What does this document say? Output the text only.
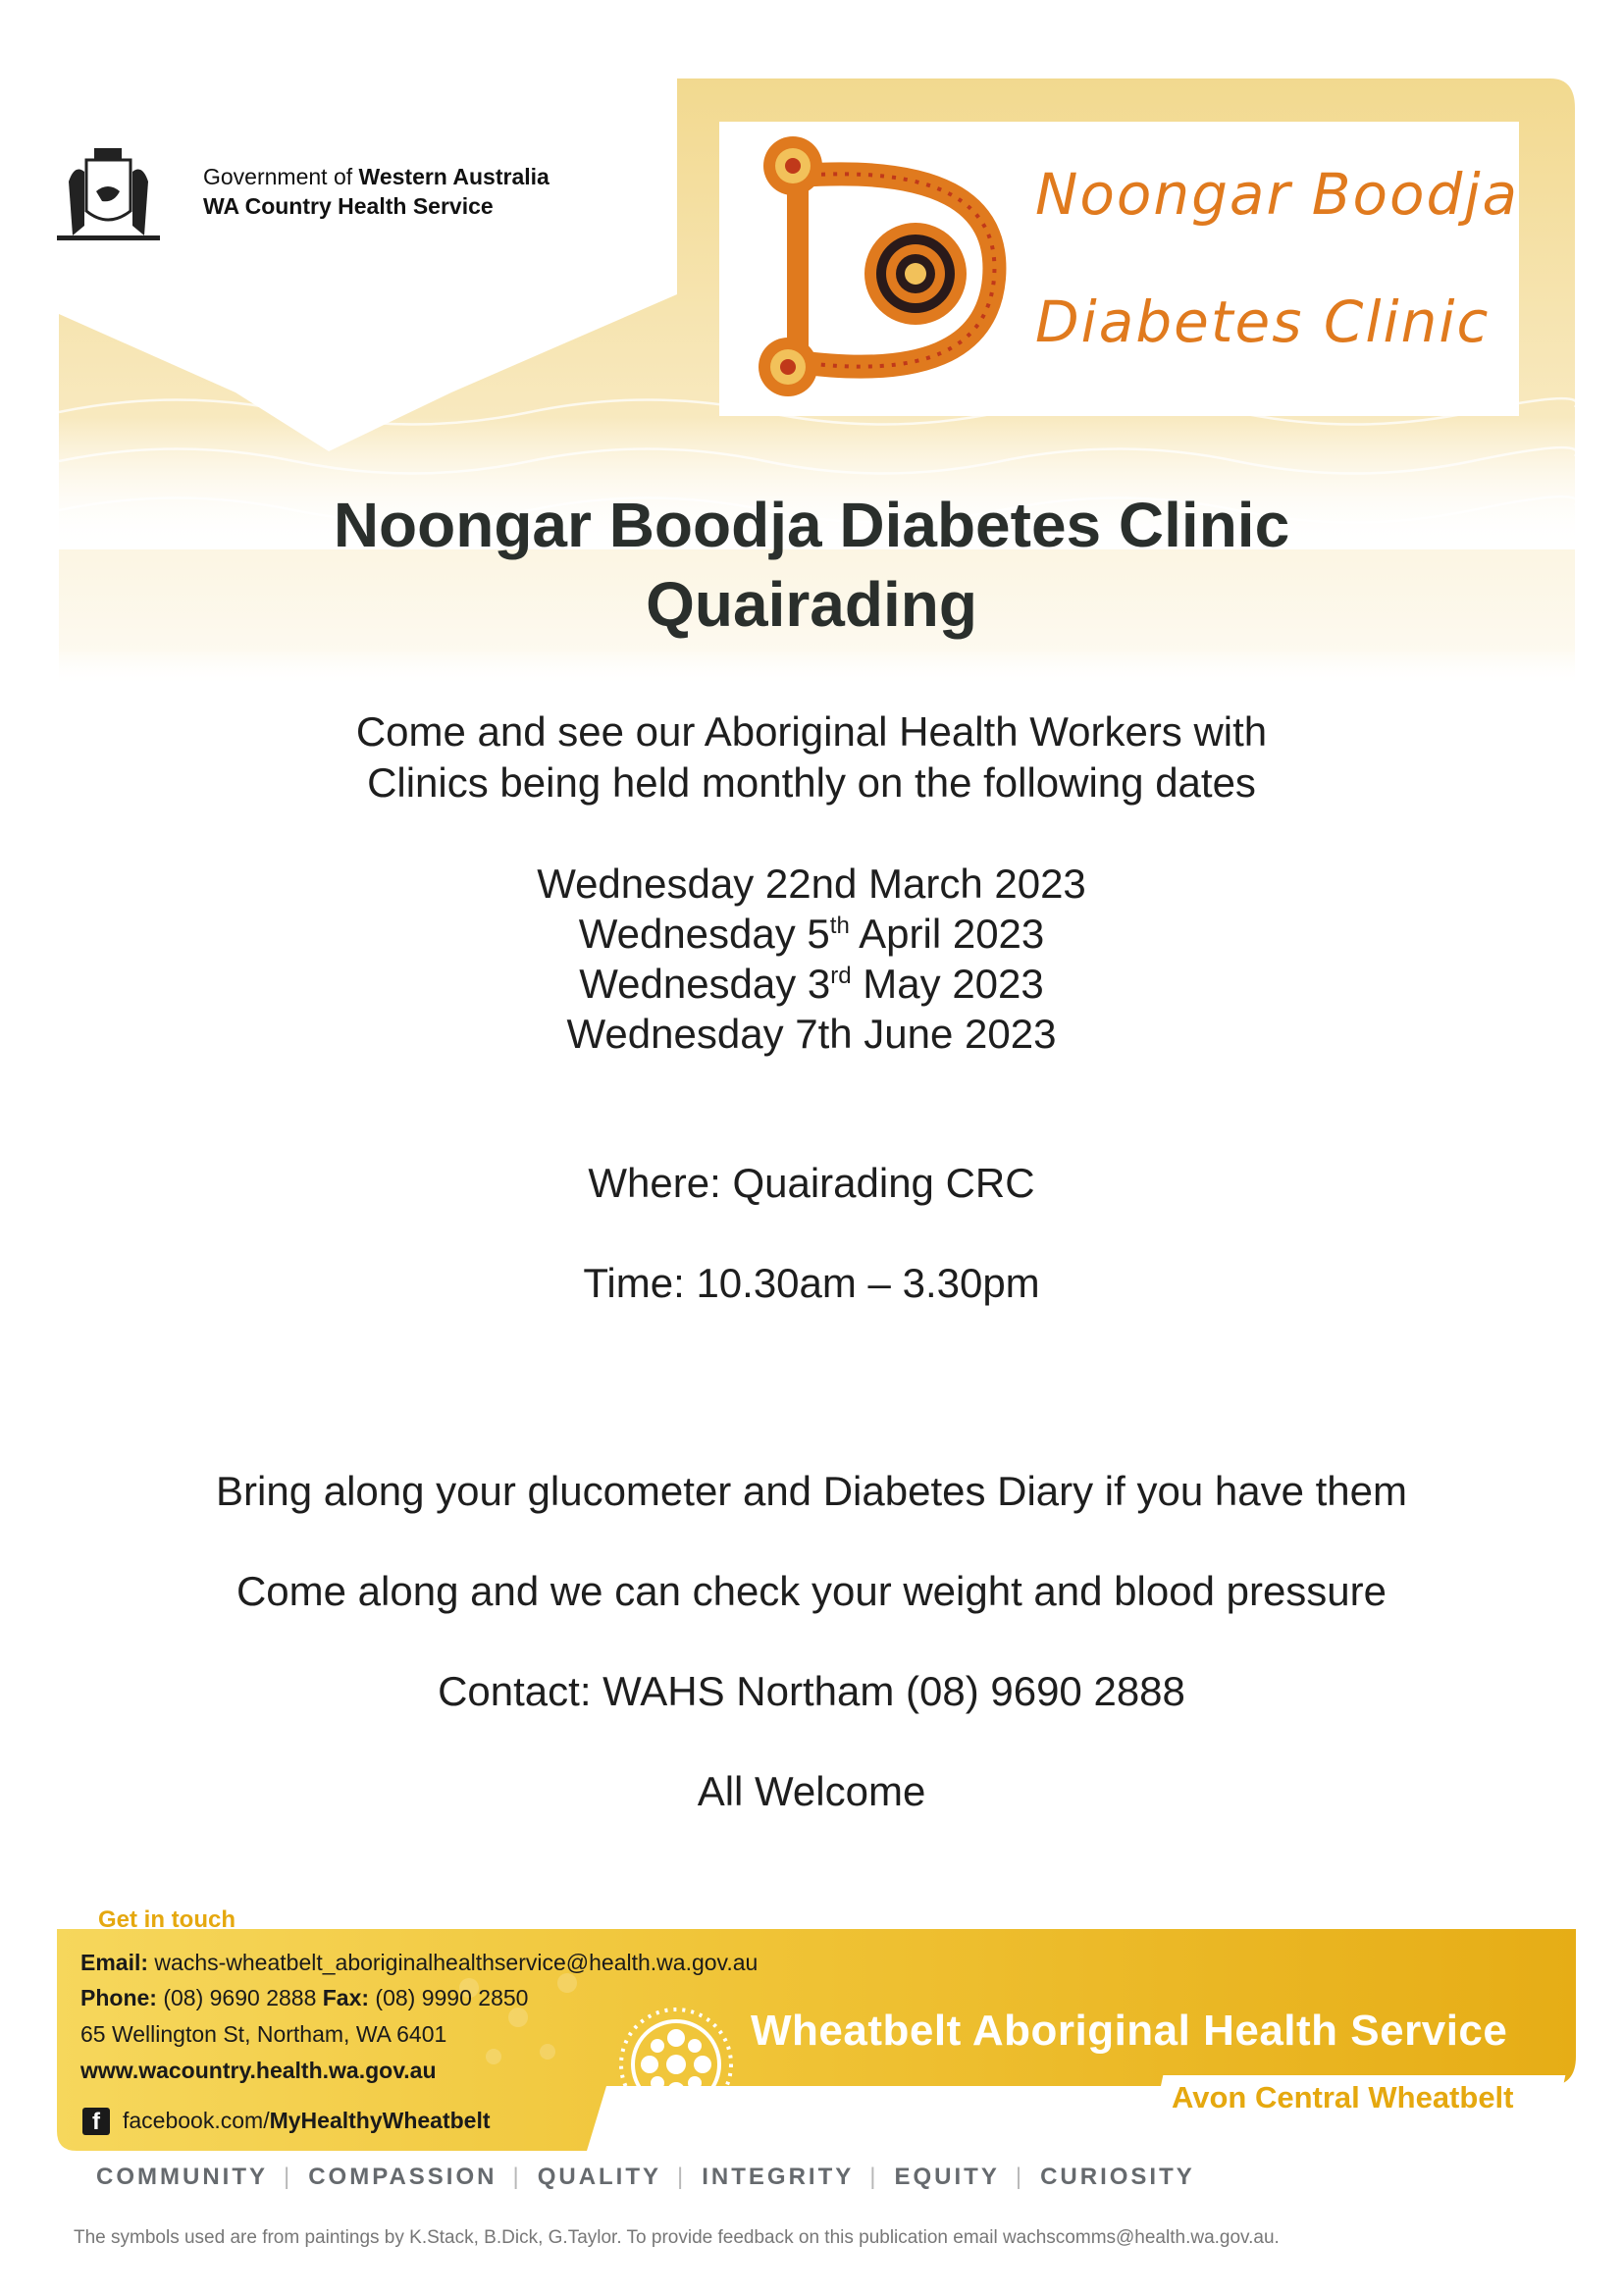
Government of Western Australia
WA Country Health Service	Noongar Boodja
Diabetes Clinic
Noongar Boodja Diabetes Clinic
Quairading
Come and see our Aboriginal Health Workers with
Clinics being held monthly on the following dates
Wednesday 22nd March 2023
Wednesday 5th April 2023
Wednesday 3rd May 2023
Wednesday 7th June 2023
Where: Quairading CRC
Time: 10.30am – 3.30pm
Bring along your glucometer and Diabetes Diary if you have them
Come along and we can check your weight and blood pressure
Contact: WAHS Northam (08) 9690 2888
All Welcome
Get in touch
Email: wachs-wheatbelt_aboriginalhealthservice@health.wa.gov.au
Phone: (08) 9690 2888 Fax: (08) 9990 2850
65 Wellington St, Northam, WA 6401
www.wacountry.health.wa.gov.au
f	facebook.com/MyHealthyWheatbelt
Wheatbelt Aboriginal Health Service
WA Country Health Service Avon Central Wheatbelt
COMMUNITY | COMPASSION | QUALITY | INTEGRITY | EQUITY | CURIOSITY
The symbols used are from paintings by K.Stack, B.Dick, G.Taylor. To provide feedback on this publication email wachscomms@health.wa.gov.au.
